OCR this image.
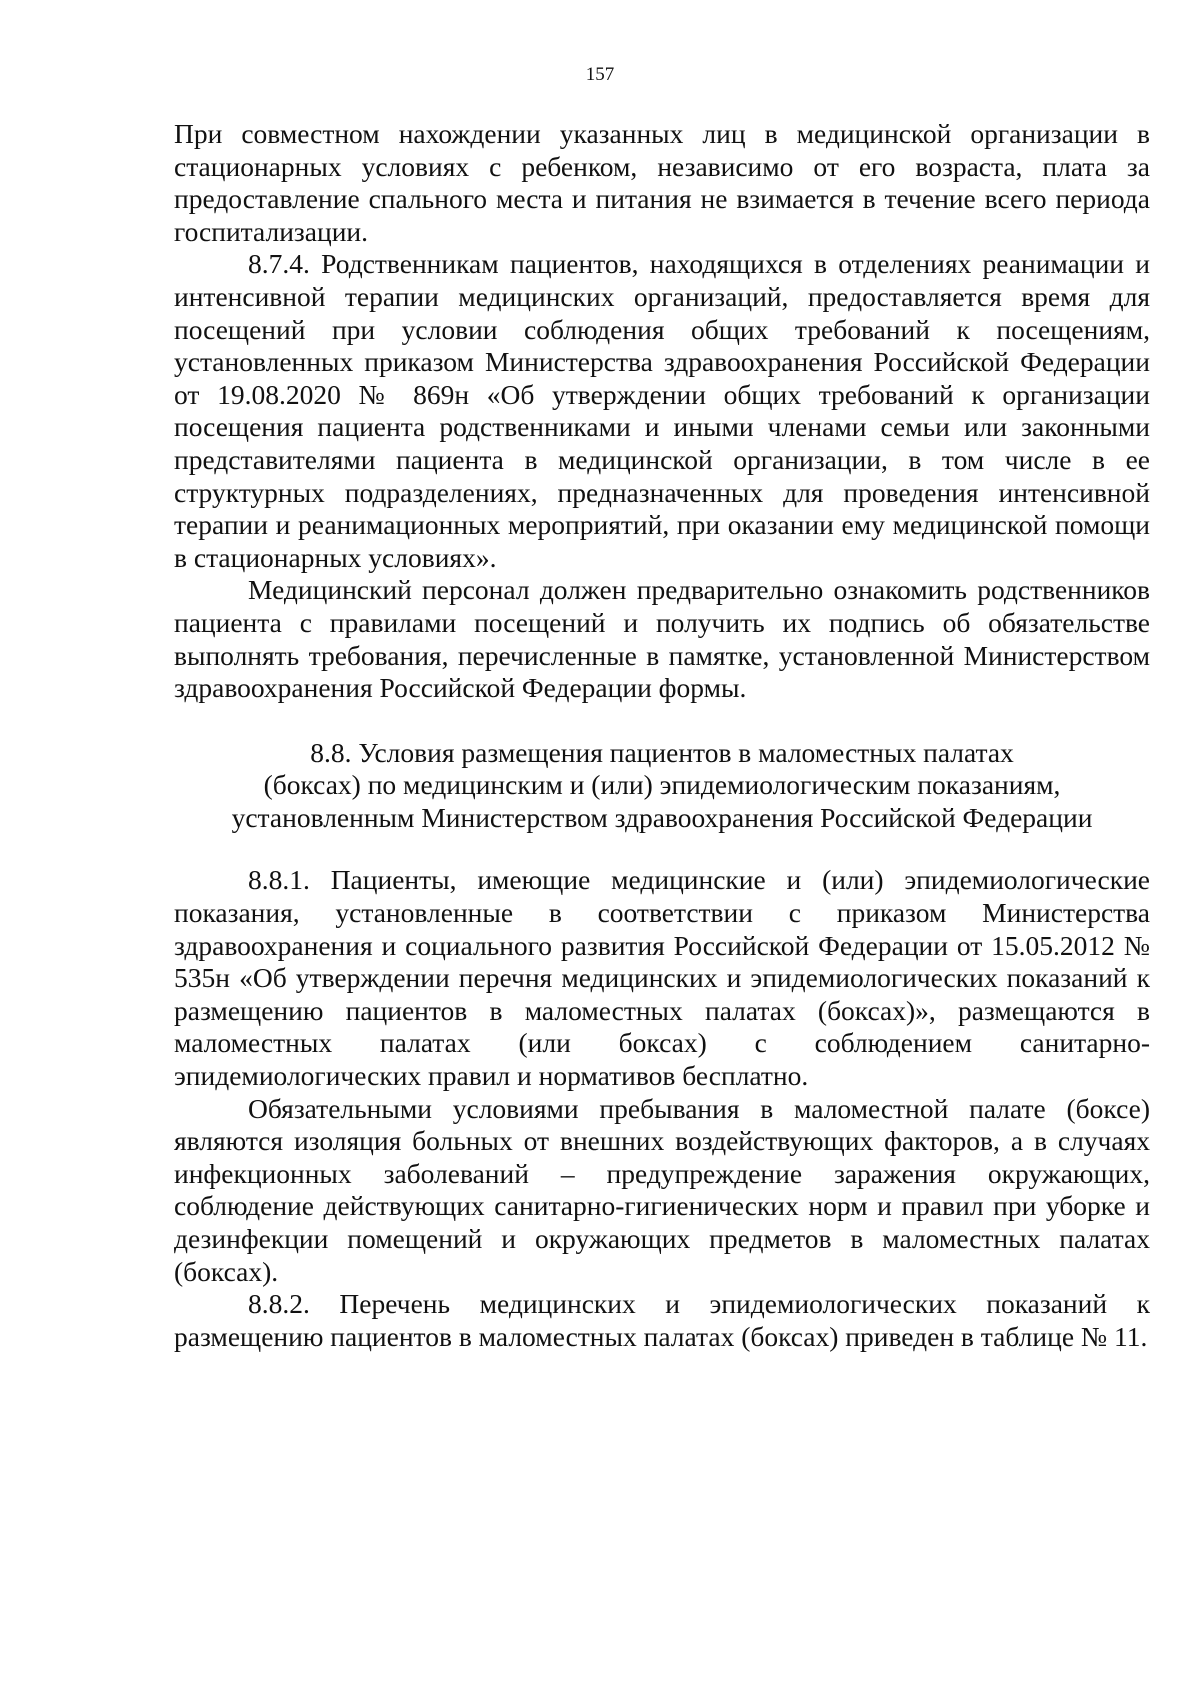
157

При совместном нахождении указанных лиц в медицинской организации в стационарных условиях с ребенком, независимо от его возраста, плата за предоставление спального места и питания не взимается в течение всего периода госпитализации.

8.7.4. Родственникам пациентов, находящихся в отделениях реанимации и интенсивной терапии медицинских организаций, предоставляется время для посещений при условии соблюдения общих требований к посещениям, установленных приказом Министерства здравоохранения Российской Федерации от 19.08.2020 № 869н «Об утверждении общих требований к организации посещения пациента родственниками и иными членами семьи или законными представителями пациента в медицинской организации, в том числе в ее структурных подразделениях, предназначенных для проведения интенсивной терапии и реанимационных мероприятий, при оказании ему медицинской помощи в стационарных условиях».

Медицинский персонал должен предварительно ознакомить родственников пациента с правилами посещений и получить их подпись об обязательстве выполнять требования, перечисленные в памятке, установленной Министерством здравоохранения Российской Федерации формы.

8.8. Условия размещения пациентов в маломестных палатах
(боксах) по медицинским и (или) эпидемиологическим показаниям,
установленным Министерством здравоохранения Российской Федерации

8.8.1. Пациенты, имеющие медицинские и (или) эпидемиологические показания, установленные в соответствии с приказом Министерства здравоохранения и социального развития Российской Федерации от 15.05.2012 № 535н «Об утверждении перечня медицинских и эпидемиологических показаний к размещению пациентов в маломестных палатах (боксах)», размещаются в маломестных палатах (или боксах) с соблюдением санитарно-эпидемиологических правил и нормативов бесплатно.

Обязательными условиями пребывания в маломестной палате (боксе) являются изоляция больных от внешних воздействующих факторов, а в случаях инфекционных заболеваний – предупреждение заражения окружающих, соблюдение действующих санитарно-гигиенических норм и правил при уборке и дезинфекции помещений и окружающих предметов в маломестных палатах (боксах).

8.8.2. Перечень медицинских и эпидемиологических показаний к размещению пациентов в маломестных палатах (боксах) приведен в таблице № 11.
